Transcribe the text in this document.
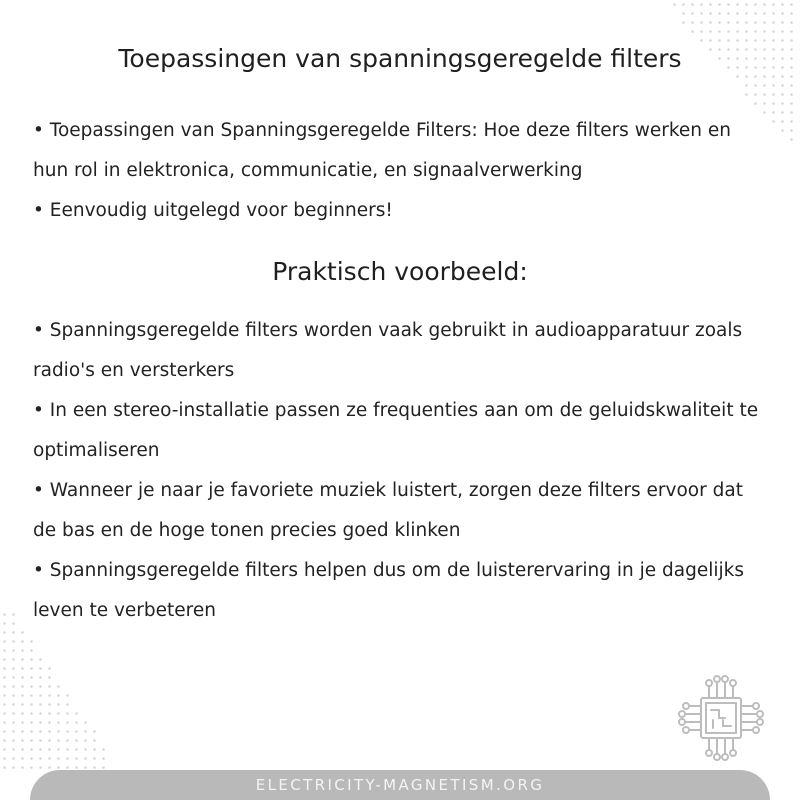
Toepassingen van spanningsgeregelde filters
• Toepassingen van Spanningsgeregelde Filters: Hoe deze filters werken en hun rol in elektronica, communicatie, en signaalverwerking
• Eenvoudig uitgelegd voor beginners!
Praktisch voorbeeld:
• Spanningsgeregelde filters worden vaak gebruikt in audioapparatuur zoals radio's en versterkers
• In een stereo-installatie passen ze frequenties aan om de geluidskwaliteit te optimaliseren
• Wanneer je naar je favoriete muziek luistert, zorgen deze filters ervoor dat de bas en de hoge tonen precies goed klinken
• Spanningsgeregelde filters helpen dus om de luisterervaring in je dagelijks leven te verbeteren
ELECTRICITY-MAGNETISM.ORG
